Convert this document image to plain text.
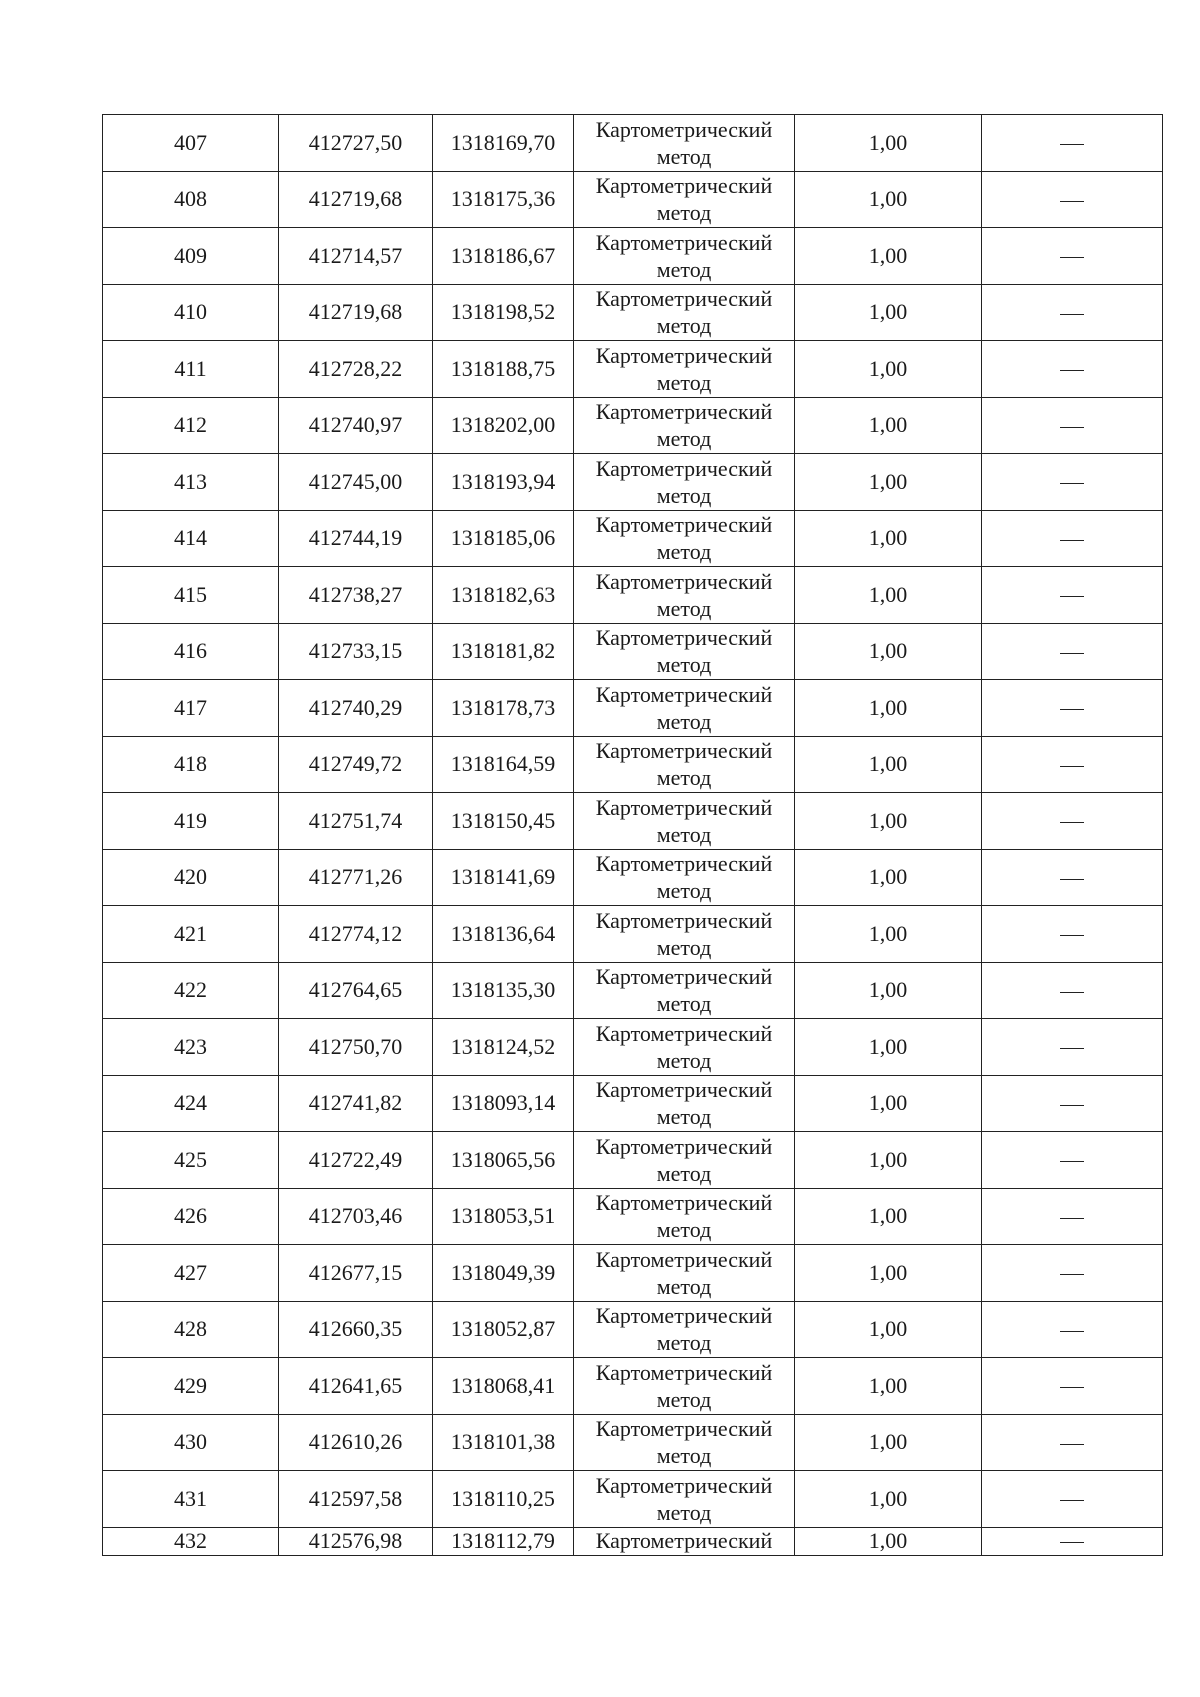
407	412727,50	1318169,70	Картометрический метод	1,00	
408	412719,68	1318175,36	Картометрический метод	1,00	
409	412714,57	1318186,67	Картометрический метод	1,00	
410	412719,68	1318198,52	Картометрический метод	1,00	
411	412728,22	1318188,75	Картометрический метод	1,00	
412	412740,97	1318202,00	Картометрический метод	1,00	
413	412745,00	1318193,94	Картометрический метод	1,00	
414	412744,19	1318185,06	Картометрический метод	1,00	
415	412738,27	1318182,63	Картометрический метод	1,00	
416	412733,15	1318181,82	Картометрический метод	1,00	
417	412740,29	1318178,73	Картометрический метод	1,00	
418	412749,72	1318164,59	Картометрический метод	1,00	
419	412751,74	1318150,45	Картометрический метод	1,00	
420	412771,26	1318141,69	Картометрический метод	1,00	
421	412774,12	1318136,64	Картометрический метод	1,00	
422	412764,65	1318135,30	Картометрический метод	1,00	
423	412750,70	1318124,52	Картометрический метод	1,00	
424	412741,82	1318093,14	Картометрический метод	1,00	
425	412722,49	1318065,56	Картометрический метод	1,00	
426	412703,46	1318053,51	Картометрический метод	1,00	
427	412677,15	1318049,39	Картометрический метод	1,00	
428	412660,35	1318052,87	Картометрический метод	1,00	
429	412641,65	1318068,41	Картометрический метод	1,00	
430	412610,26	1318101,38	Картометрический метод	1,00	
431	412597,58	1318110,25	Картометрический метод	1,00	
432	412576,98	1318112,79	Картометрический	1,00	
